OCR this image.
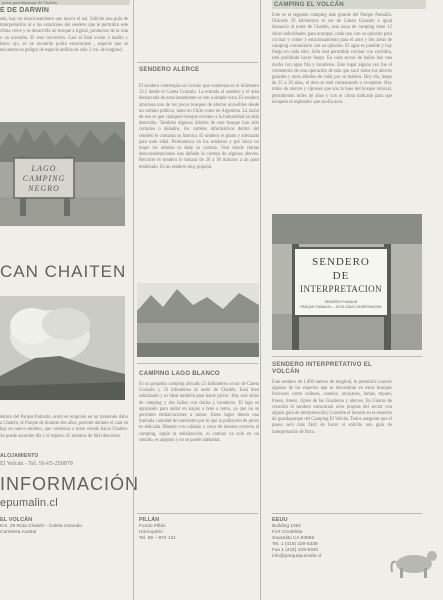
puma guardaparque de Chaitén
E DE DARWIN
ada, hay un estacionamiento que marca el nal. Solicite una guía de interpretación al e las estaciones del sendero que le permitirá este clima crece y se desarrolla un bosque a tiginal, productos de la ruta o un incendio. El ento recorrerlo. Casi al final existe 3 mallín y barro ojo, es un recuerdo podrá encontrarse , especie que se encuentra en peligro de especie anfibia de sólo 3 cm. de longitud.
LAGO
CAMPING
NEGRO
CAN CHAITEN
dentro del Parque Pumalín, entró en erupción en un tremendo daño a Chaitén, el Parque de durante dos años, periodo durante el cual en hay un nuevo sendero, que comienza a ncias viendo hacia Chaitén. Se puede ascender día y el regreso 45 minutos de fácil descenso.
ALOJAMIENTO
El Volcán - Tel. 56-65-250079
INFORMACIÓN
epumalin.cl
EL VOLCÁN
Km. 29 Ruta Chaitén - Caleta Gonzalo
Carretera Austral
SENDERO ALERCE
El sendero contempla un circuito que comienza en el kilómetro 12.5 desde el Caleta Gonzalo. La entrada al sendero y el área demarcada de estacionamiento se ven a simple vista. El sendero atraviesa uno de los pocos bosques de alerces accesibles desde un camino público, tanto en Chile como en Argentina. La razón de eso es que cualquier bosque cercano a la humanidad ha sido destruido. También algunos árboles de este bosque han sido cortados o dañados, los carteles informativos dentro del sendero le contarán su historia. El sendero es plano y adecuado para toda edad. Permanezca en los senderos y por favor no toque los árboles ni dañe su corteza. Verá donde ciertas desconsideraciones han dañado la corteza de algunos alerces. Recorrer el sendero le tomará de 20 a 30 minutos a un paso moderado. Es un sendero muy popular.
CAMPING LAGO BLANCO
Es un pequeño camping ubicado 25 kilómetros al sur de Caleta Gonzalo y 33 kilómetros al norte de Chaitén. Está bien señalizado y es ideal también para hacer picnic. Hay seis sitios de camping y dos baños con ducha y lavaderos. El lago es apropiado para andar en kayak o bote a remo, ya que no se permiten embarcaciones a motor. Estos lagos tienen una limitada cantidad de nutrientes por lo que la población de peces es delicada. Maneje con cuidado y cerca de manera correcta al camping, según la señalización, el camino va solo en un sentido, es angosto y no se puede adelantar.
PILLÁN
Fundo Pillán
Hornopirén
Tel. 65 – 972 121
CAMPING EL VOLCÁN
Este es el segundo camping más grande del Parque Pumalín. Ubicado 29 kilómetros al sur de Caleta Gonzalo e igual distancia al norte de Chaitén, esta zona de camping tiene 12 sitios individuales para acampar, cada uno con su quincho para cocinar y comer y estacionamiento para el auto y dos áreas de camping comunitario con su quincho. El agua es potable y hay fuego en cada sitio. Sólo está permitido cocinar con cocinilla, está prohibido hacer fuego. En cada sector de baños hay una ducha con agua fría y lavaderos. Este lugar alguna vez fue el cementerio de una operación de tala que sacó todos los alerces grandes y otros árboles de valor por su madera. Hoy día, luego de 25 a 30 años, el área se está comenzando a recuperar. Hay miles de alerces y cipreses que son la base del bosque renoval, permitiendo miles de años y con el clima indicado para que recupere el esplendor que un día tuvo.
SENDERO
DE
INTERPRETACION
SENDERO PUMALIN
PARQUE PUMALIN — ECOLOGIA CONSERVACION
SENDERO INTERPRETATIVO EL VOLCÁN
Este sendero de 1.800 metros de longitud, le permitirá conocer algunas de las especies que se encuentran en estos bosques lluviosos como coihues, canelos, arrayanes, lumas, tepues, tineos, tineos, cipres de las Guaitecas y alerces. En Guaros de creación el sendero encontrará aves propias del sector con alguna guía de interpretación; Consulte el horario en la estación de guardaparque del Camping El Volcán. Todos aseguran que el paseo será más fácil de hacer si solicita una guía de interpretación de flora.
EEUU
Building 1062
Fort Cronkhite
Sausalito CA 94965
Tel. 1 (415) 229-9339
Fax 1 (415) 229-9340
info@parquepumalin.cl
